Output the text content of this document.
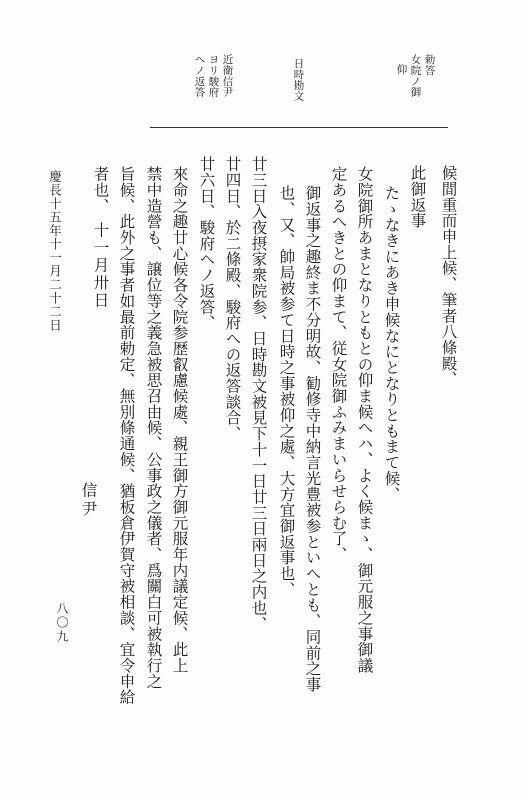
勅答
女院ノ御
仰
日時勘文
近衛信尹
ヨリ駿府
ヘノ返答
候間重而申上候、筆者八條殿、
此御返事
たゝなきにあき申候なにとなりともまて候、
女院御所あまとなりともとの仰ま候へハ、よく候まゝ、御元服之事御議
定あるへきとの仰まて、従女院御ふみまいらせらむ了、
御返事之趣終ま不分明故、勧修寺中納言光豊被参といへとも、同前之事
也、又、帥局被参て日時之事被仰之處、大方宜御返事也、
廿三日入夜摂家衆院参、日時勘文被見下十一日廿三日兩日之内也、
廿四日、於二條殿、駿府への返答談合、
廿六日、駿府へノ返答、
來命之趣廿心候各令院参歴叡慮候處、親王御方御元服年内議定候、此上
禁中造營も、譲位等之義急被思召由候、公事政之儀者、爲關白可被執行之
旨候、此外之事者如最前勅定、無別條通候、猶板倉伊賀守被相談、宜令申給
者也、
十一月卅日
信尹
慶長十五年十一月二十二日
八〇九
